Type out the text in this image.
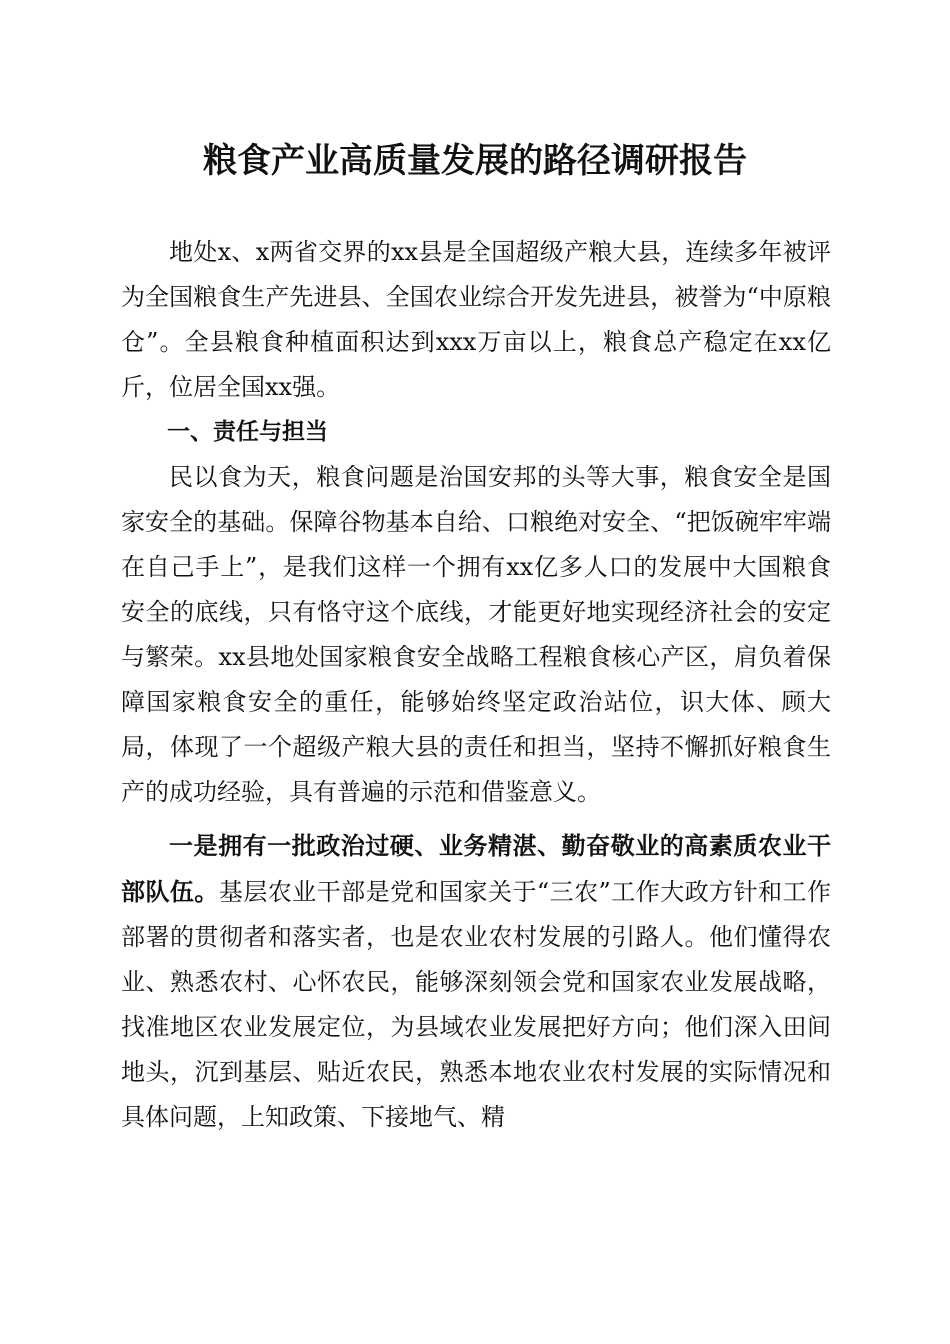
粮食产业高质量发展的路径调研报告

地处x、x两省交界的xx县是全国超级产粮大县，连续多年被评为全国粮食生产先进县、全国农业综合开发先进县，被誉为“中原粮仓”。全县粮食种植面积达到xxx万亩以上，粮食总产稳定在xx亿斤，位居全国xx强。

一、责任与担当

民以食为天，粮食问题是治国安邦的头等大事，粮食安全是国家安全的基础。保障谷物基本自给、口粮绝对安全、“把饭碗牢牢端在自己手上”，是我们这样一个拥有xx亿多人口的发展中大国粮食安全的底线，只有恪守这个底线，才能更好地实现经济社会的安定与繁荣。xx县地处国家粮食安全战略工程粮食核心产区，肩负着保障国家粮食安全的重任，能够始终坚定政治站位，识大体、顾大局，体现了一个超级产粮大县的责任和担当，坚持不懈抓好粮食生产的成功经验，具有普遍的示范和借鉴意义。

一是拥有一批政治过硬、业务精湛、勤奋敬业的高素质农业干部队伍。基层农业干部是党和国家关于“三农”工作大政方针和工作部署的贯彻者和落实者，也是农业农村发展的引路人。他们懂得农业、熟悉农村、心怀农民，能够深刻领会党和国家农业发展战略，找准地区农业发展定位，为县域农业发展把好方向；他们深入田间地头，沉到基层、贴近农民，熟悉本地农业农村发展的实际情况和具体问题，上知政策、下接地气、精
